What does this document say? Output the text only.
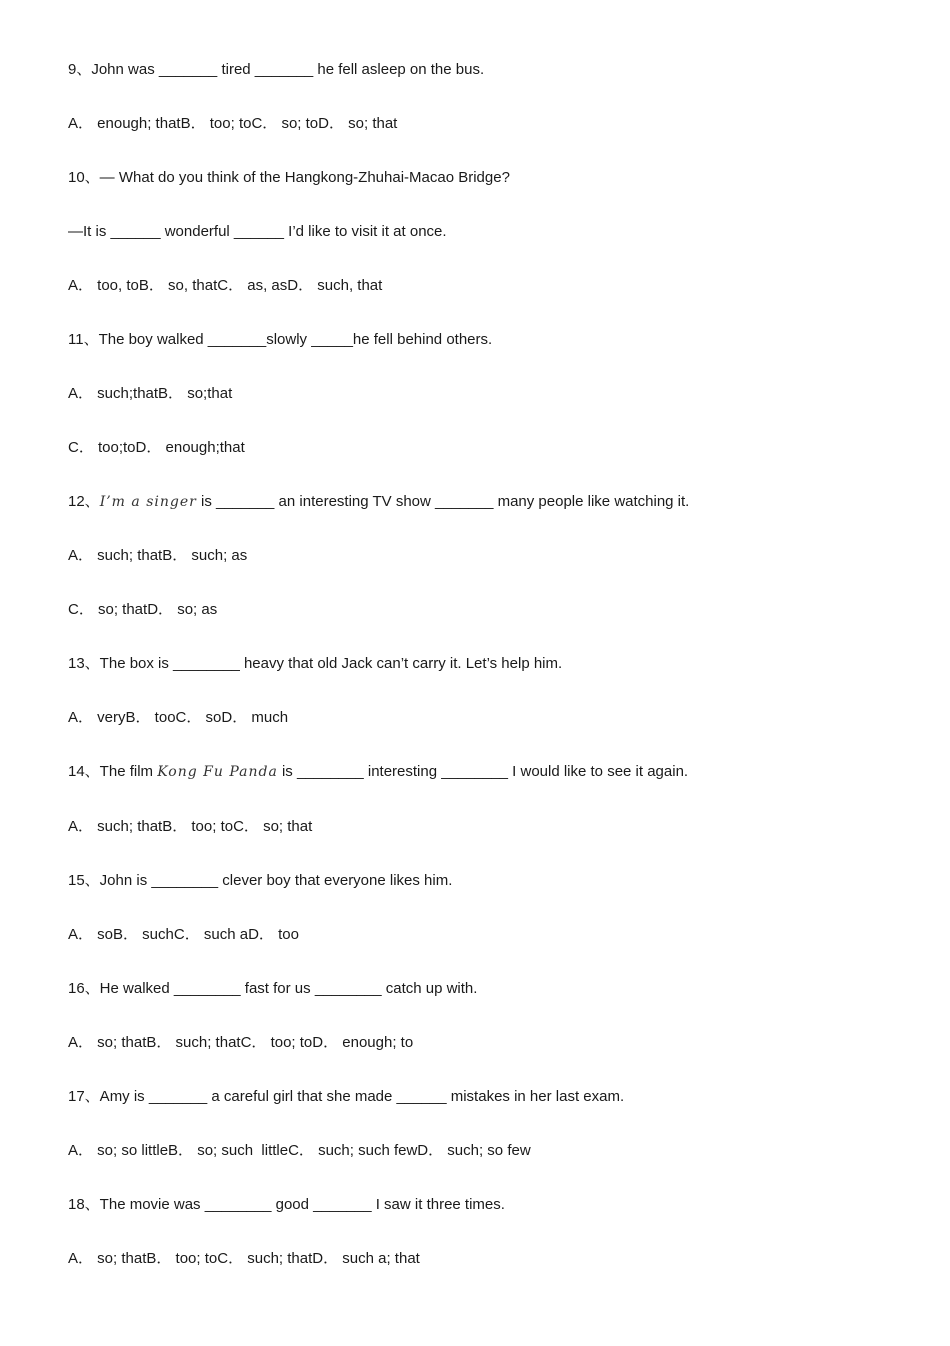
9、John was _______ tired _______ he fell asleep on the bus.
A． enough; thatB． too; toC． so; toD． so; that
10、— What do you think of the Hangkong-Zhuhai-Macao Bridge?
—It is ______ wonderful ______ I’d like to visit it at once.
A． too, toB． so, thatC． as, asD． such, that
11、The boy walked _______slowly _____he fell behind others.
A． such;thatB． so;that
C． too;toD． enough;that
12、I’m a singer is _______ an interesting TV show _______ many people like watching it.
A． such; thatB． such; as
C． so; thatD． so; as
13、The box is ________ heavy that old Jack can’t carry it. Let’s help him.
A． veryB． tooC． soD． much
14、The film Kong Fu Panda is ________ interesting ________ I would like to see it again.
A． such; thatB． too; toC． so; that
15、John is ________ clever boy that everyone likes him.
A． soB． suchC． such aD． too
16、He walked ________ fast for us ________ catch up with.
A． so; thatB． such; thatC． too; toD． enough; to
17、Amy is _______ a careful girl that she made ______ mistakes in her last exam.
A． so; so littleB． so; such  littleC． such; such fewD． such; so few
18、The movie was ________ good _______ I saw it three times.
A． so; thatB． too; toC． such; thatD． such a; that
